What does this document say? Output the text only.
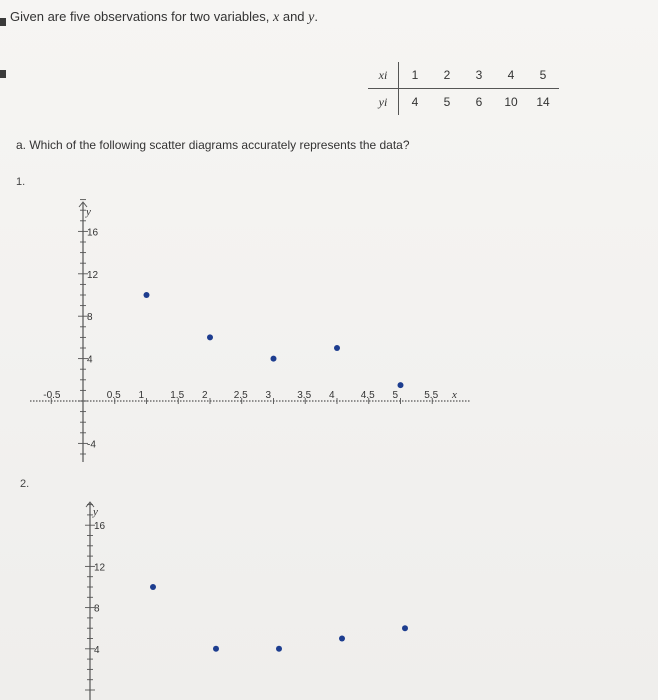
Given are five observations for two variables, x and y.
xi	1	2	3	4	5
yi	4	5	6	10	14
a. Which of the following scatter diagrams accurately represents the data?
1.
2.
16
12
8
4
-4
y
-0.5	0.5 1	1.5 2	2.5 3	3.5 4	4.5 5	5.5 x
16
12
8
4
y
